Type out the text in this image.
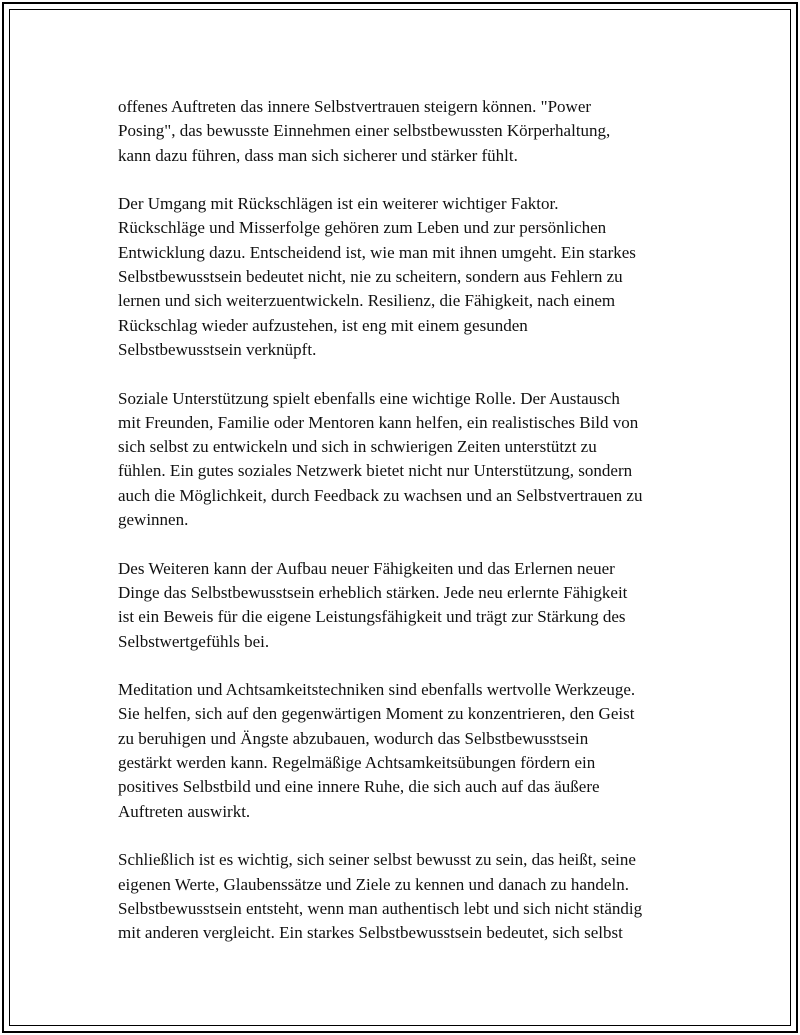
offenes Auftreten das innere Selbstvertrauen steigern können. "Power
Posing", das bewusste Einnehmen einer selbstbewussten Körperhaltung,
kann dazu führen, dass man sich sicherer und stärker fühlt.

Der Umgang mit Rückschlägen ist ein weiterer wichtiger Faktor.
Rückschläge und Misserfolge gehören zum Leben und zur persönlichen
Entwicklung dazu. Entscheidend ist, wie man mit ihnen umgeht. Ein starkes
Selbstbewusstsein bedeutet nicht, nie zu scheitern, sondern aus Fehlern zu
lernen und sich weiterzuentwickeln. Resilienz, die Fähigkeit, nach einem
Rückschlag wieder aufzustehen, ist eng mit einem gesunden
Selbstbewusstsein verknüpft.

Soziale Unterstützung spielt ebenfalls eine wichtige Rolle. Der Austausch
mit Freunden, Familie oder Mentoren kann helfen, ein realistisches Bild von
sich selbst zu entwickeln und sich in schwierigen Zeiten unterstützt zu
fühlen. Ein gutes soziales Netzwerk bietet nicht nur Unterstützung, sondern
auch die Möglichkeit, durch Feedback zu wachsen und an Selbstvertrauen zu
gewinnen.

Des Weiteren kann der Aufbau neuer Fähigkeiten und das Erlernen neuer
Dinge das Selbstbewusstsein erheblich stärken. Jede neu erlernte Fähigkeit
ist ein Beweis für die eigene Leistungsfähigkeit und trägt zur Stärkung des
Selbstwertgefühls bei.

Meditation und Achtsamkeitstechniken sind ebenfalls wertvolle Werkzeuge.
Sie helfen, sich auf den gegenwärtigen Moment zu konzentrieren, den Geist
zu beruhigen und Ängste abzubauen, wodurch das Selbstbewusstsein
gestärkt werden kann. Regelmäßige Achtsamkeitsübungen fördern ein
positives Selbstbild und eine innere Ruhe, die sich auch auf das äußere
Auftreten auswirkt.

Schließlich ist es wichtig, sich seiner selbst bewusst zu sein, das heißt, seine
eigenen Werte, Glaubenssätze und Ziele zu kennen und danach zu handeln.
Selbstbewusstsein entsteht, wenn man authentisch lebt und sich nicht ständig
mit anderen vergleicht. Ein starkes Selbstbewusstsein bedeutet, sich selbst
